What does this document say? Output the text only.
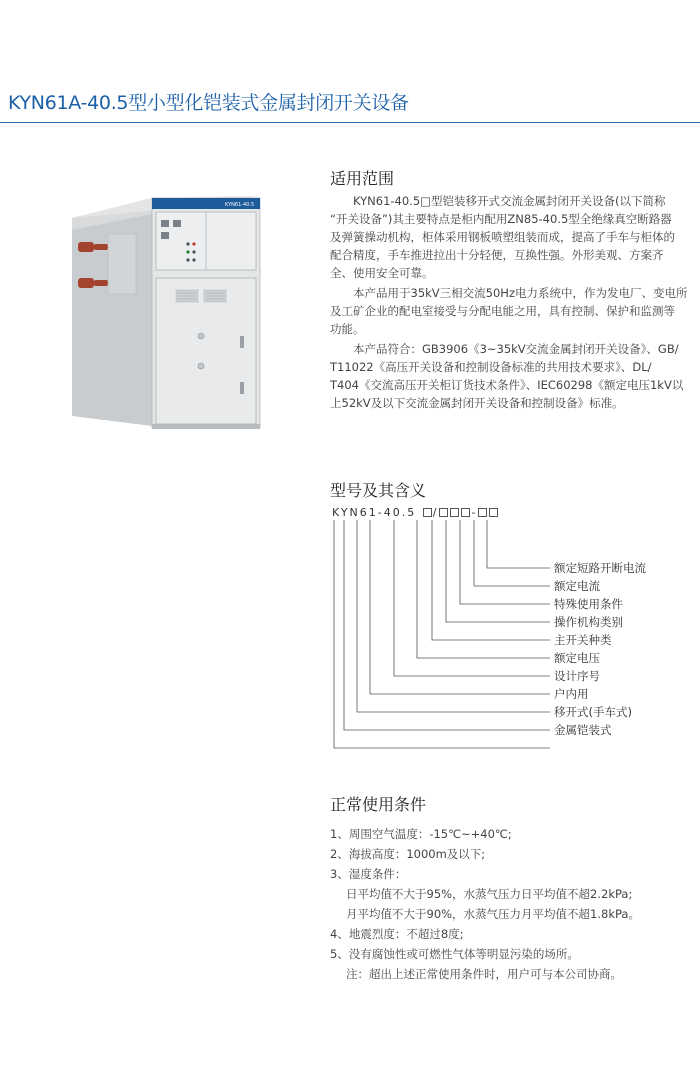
KYN61A-40.5型小型化铠装式金属封闭开关设备
KYN61-40.5
适用范围
KYN61-40.5□型铠装移开式交流金属封闭开关设备(以下简称
“开关设备”)其主要特点是柜内配用ZN85-40.5型全绝缘真空断路器
及弹簧操动机构，柜体采用钢板喷塑组装而成，提高了手车与柜体的
配合精度，手车推进拉出十分轻便，互换性强。外形美观、方案齐
全、使用安全可靠。
本产品用于35kV三相交流50Hz电力系统中，作为发电厂、变电所
及工矿企业的配电室接受与分配电能之用，具有控制、保护和监测等
功能。
本产品符合：GB3906《3~35kV交流金属封闭开关设备》、GB/
T11022《高压开关设备和控制设备标准的共用技术要求》、DL/
T404《交流高压开关柜订货技术条件》、IEC60298《额定电压1kV以
上52kV及以下交流金属封闭开关设备和控制设备》标准。
型号及其含义
KYN61-40.5 /	-
额定短路开断电流
额定电流
特殊使用条件
操作机构类别
主开关种类
额定电压
设计序号
户内用
移开式(手车式)
金属铠装式
正常使用条件
1、周围空气温度：-15℃~+40℃;
2、海拔高度：1000m及以下;
3、湿度条件：
日平均值不大于95%，水蒸气压力日平均值不超2.2kPa;
月平均值不大于90%，水蒸气压力月平均值不超1.8kPa。
4、地震烈度：不超过8度;
5、没有腐蚀性或可燃性气体等明显污染的场所。
注：超出上述正常使用条件时，用户可与本公司协商。
